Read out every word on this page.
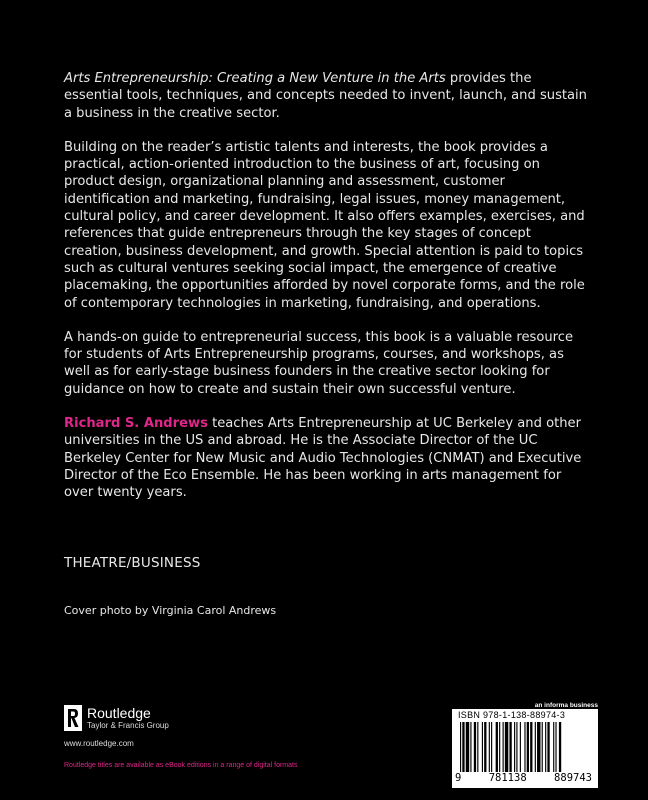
Arts Entrepreneurship: Creating a New Venture in the Arts provides the essential tools, techniques, and concepts needed to invent, launch, and sustain a business in the creative sector.

Building on the reader’s artistic talents and interests, the book provides a practical, action-oriented introduction to the business of art, focusing on product design, organizational planning and assessment, customer identification and marketing, fundraising, legal issues, money management, cultural policy, and career development. It also offers examples, exercises, and references that guide entrepreneurs through the key stages of concept creation, business development, and growth. Special attention is paid to topics such as cultural ventures seeking social impact, the emergence of creative placemaking, the opportunities afforded by novel corporate forms, and the role of contemporary technologies in marketing, fundraising, and operations.

A hands-on guide to entrepreneurial success, this book is a valuable resource for students of Arts Entrepreneurship programs, courses, and workshops, as well as for early-stage business founders in the creative sector looking for guidance on how to create and sustain their own successful venture.

Richard S. Andrews teaches Arts Entrepreneurship at UC Berkeley and other universities in the US and abroad. He is the Associate Director of the UC Berkeley Center for New Music and Audio Technologies (CNMAT) and Executive Director of the Eco Ensemble. He has been working in arts management for over twenty years.

THEATRE/BUSINESS
Cover photo by Virginia Carol Andrews
Routledge
Taylor & Francis Group
www.routledge.com
Routledge titles are available as eBook editions in a range of digital formats
an informa business
ISBN 978-1-138-88974-3
9	781138	889743
